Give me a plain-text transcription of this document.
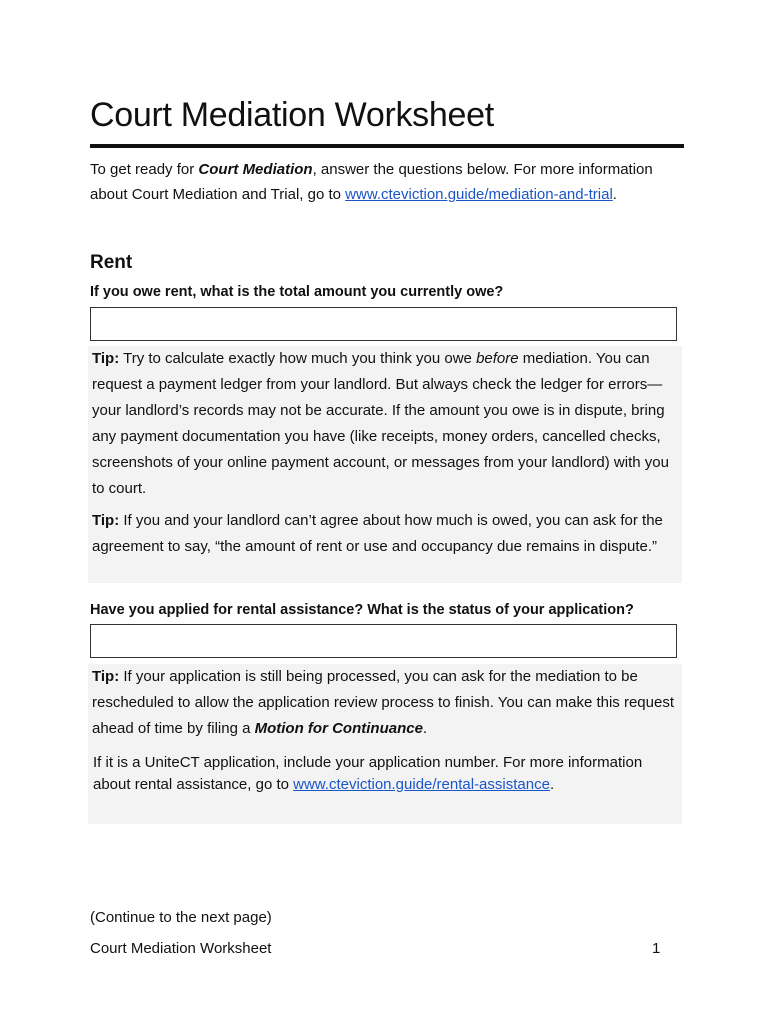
Court Mediation Worksheet

To get ready for Court Mediation, answer the questions below. For more information about Court Mediation and Trial, go to www.cteviction.guide/mediation-and-trial.

Rent

If you owe rent, what is the total amount you currently owe?

Tip: Try to calculate exactly how much you think you owe before mediation. You can request a payment ledger from your landlord. But always check the ledger for errors—your landlord’s records may not be accurate. If the amount you owe is in dispute, bring any payment documentation you have (like receipts, money orders, cancelled checks, screenshots of your online payment account, or messages from your landlord) with you to court.

Tip: If you and your landlord can’t agree about how much is owed, you can ask for the agreement to say, “the amount of rent or use and occupancy due remains in dispute.”

Have you applied for rental assistance? What is the status of your application?

Tip: If your application is still being processed, you can ask for the mediation to be rescheduled to allow the application review process to finish. You can make this request ahead of time by filing a Motion for Continuance.

If it is a UniteCT application, include your application number. For more information about rental assistance, go to www.cteviction.guide/rental-assistance.

(Continue to the next page)

Court Mediation Worksheet	1
